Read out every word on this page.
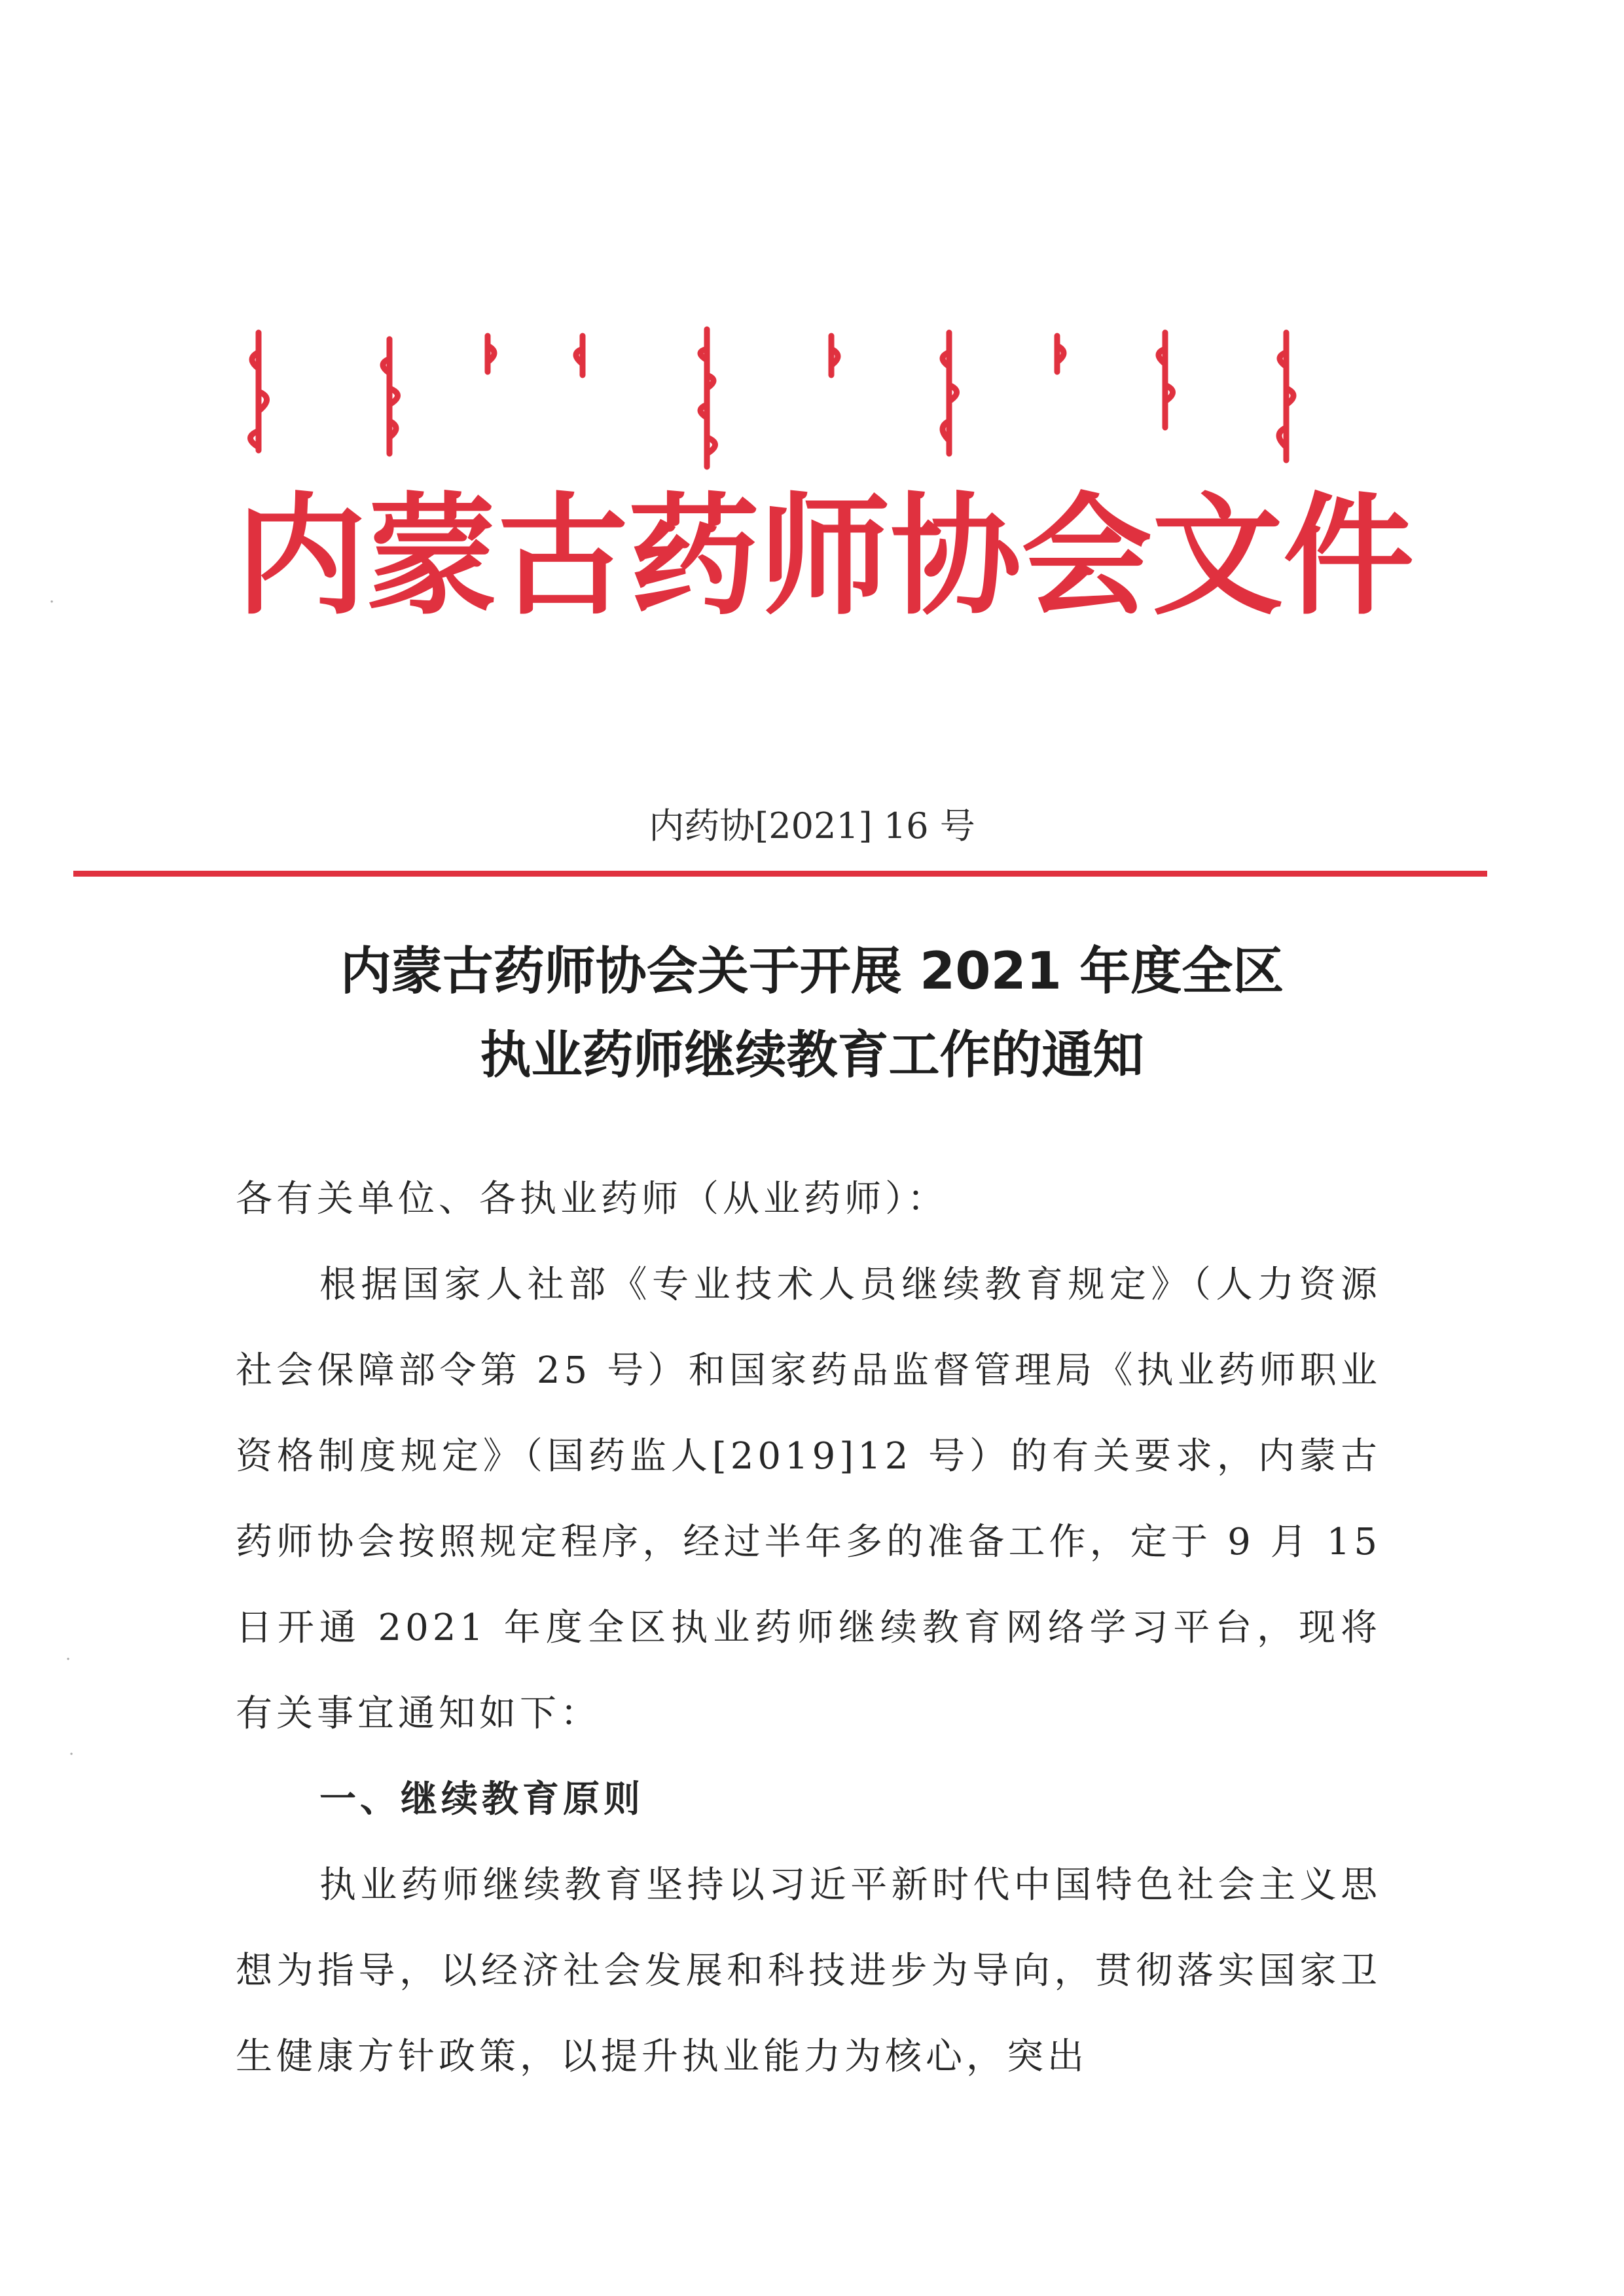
内 蒙 古 药 师 协 会 文 件
内药协[2021] 16 号
内蒙古药师协会关于开展 2021 年度全区
执业药师继续教育工作的通知

各有关单位、各执业药师（从业药师）：

根据国家人社部《专业技术人员继续教育规定》（人力资源社会保障部令第 25 号）和国家药品监督管理局《执业药师职业资格制度规定》（国药监人[2019]12 号）的有关要求，内蒙古药师协会按照规定程序，经过半年多的准备工作，定于 9 月 15 日开通 2021 年度全区执业药师继续教育网络学习平台，现将有关事宜通知如下：

一、继续教育原则

执业药师继续教育坚持以习近平新时代中国特色社会主义思想为指导，以经济社会发展和科技进步为导向，贯彻落实国家卫生健康方针政策，以提升执业能力为核心，突出

·
·
·
